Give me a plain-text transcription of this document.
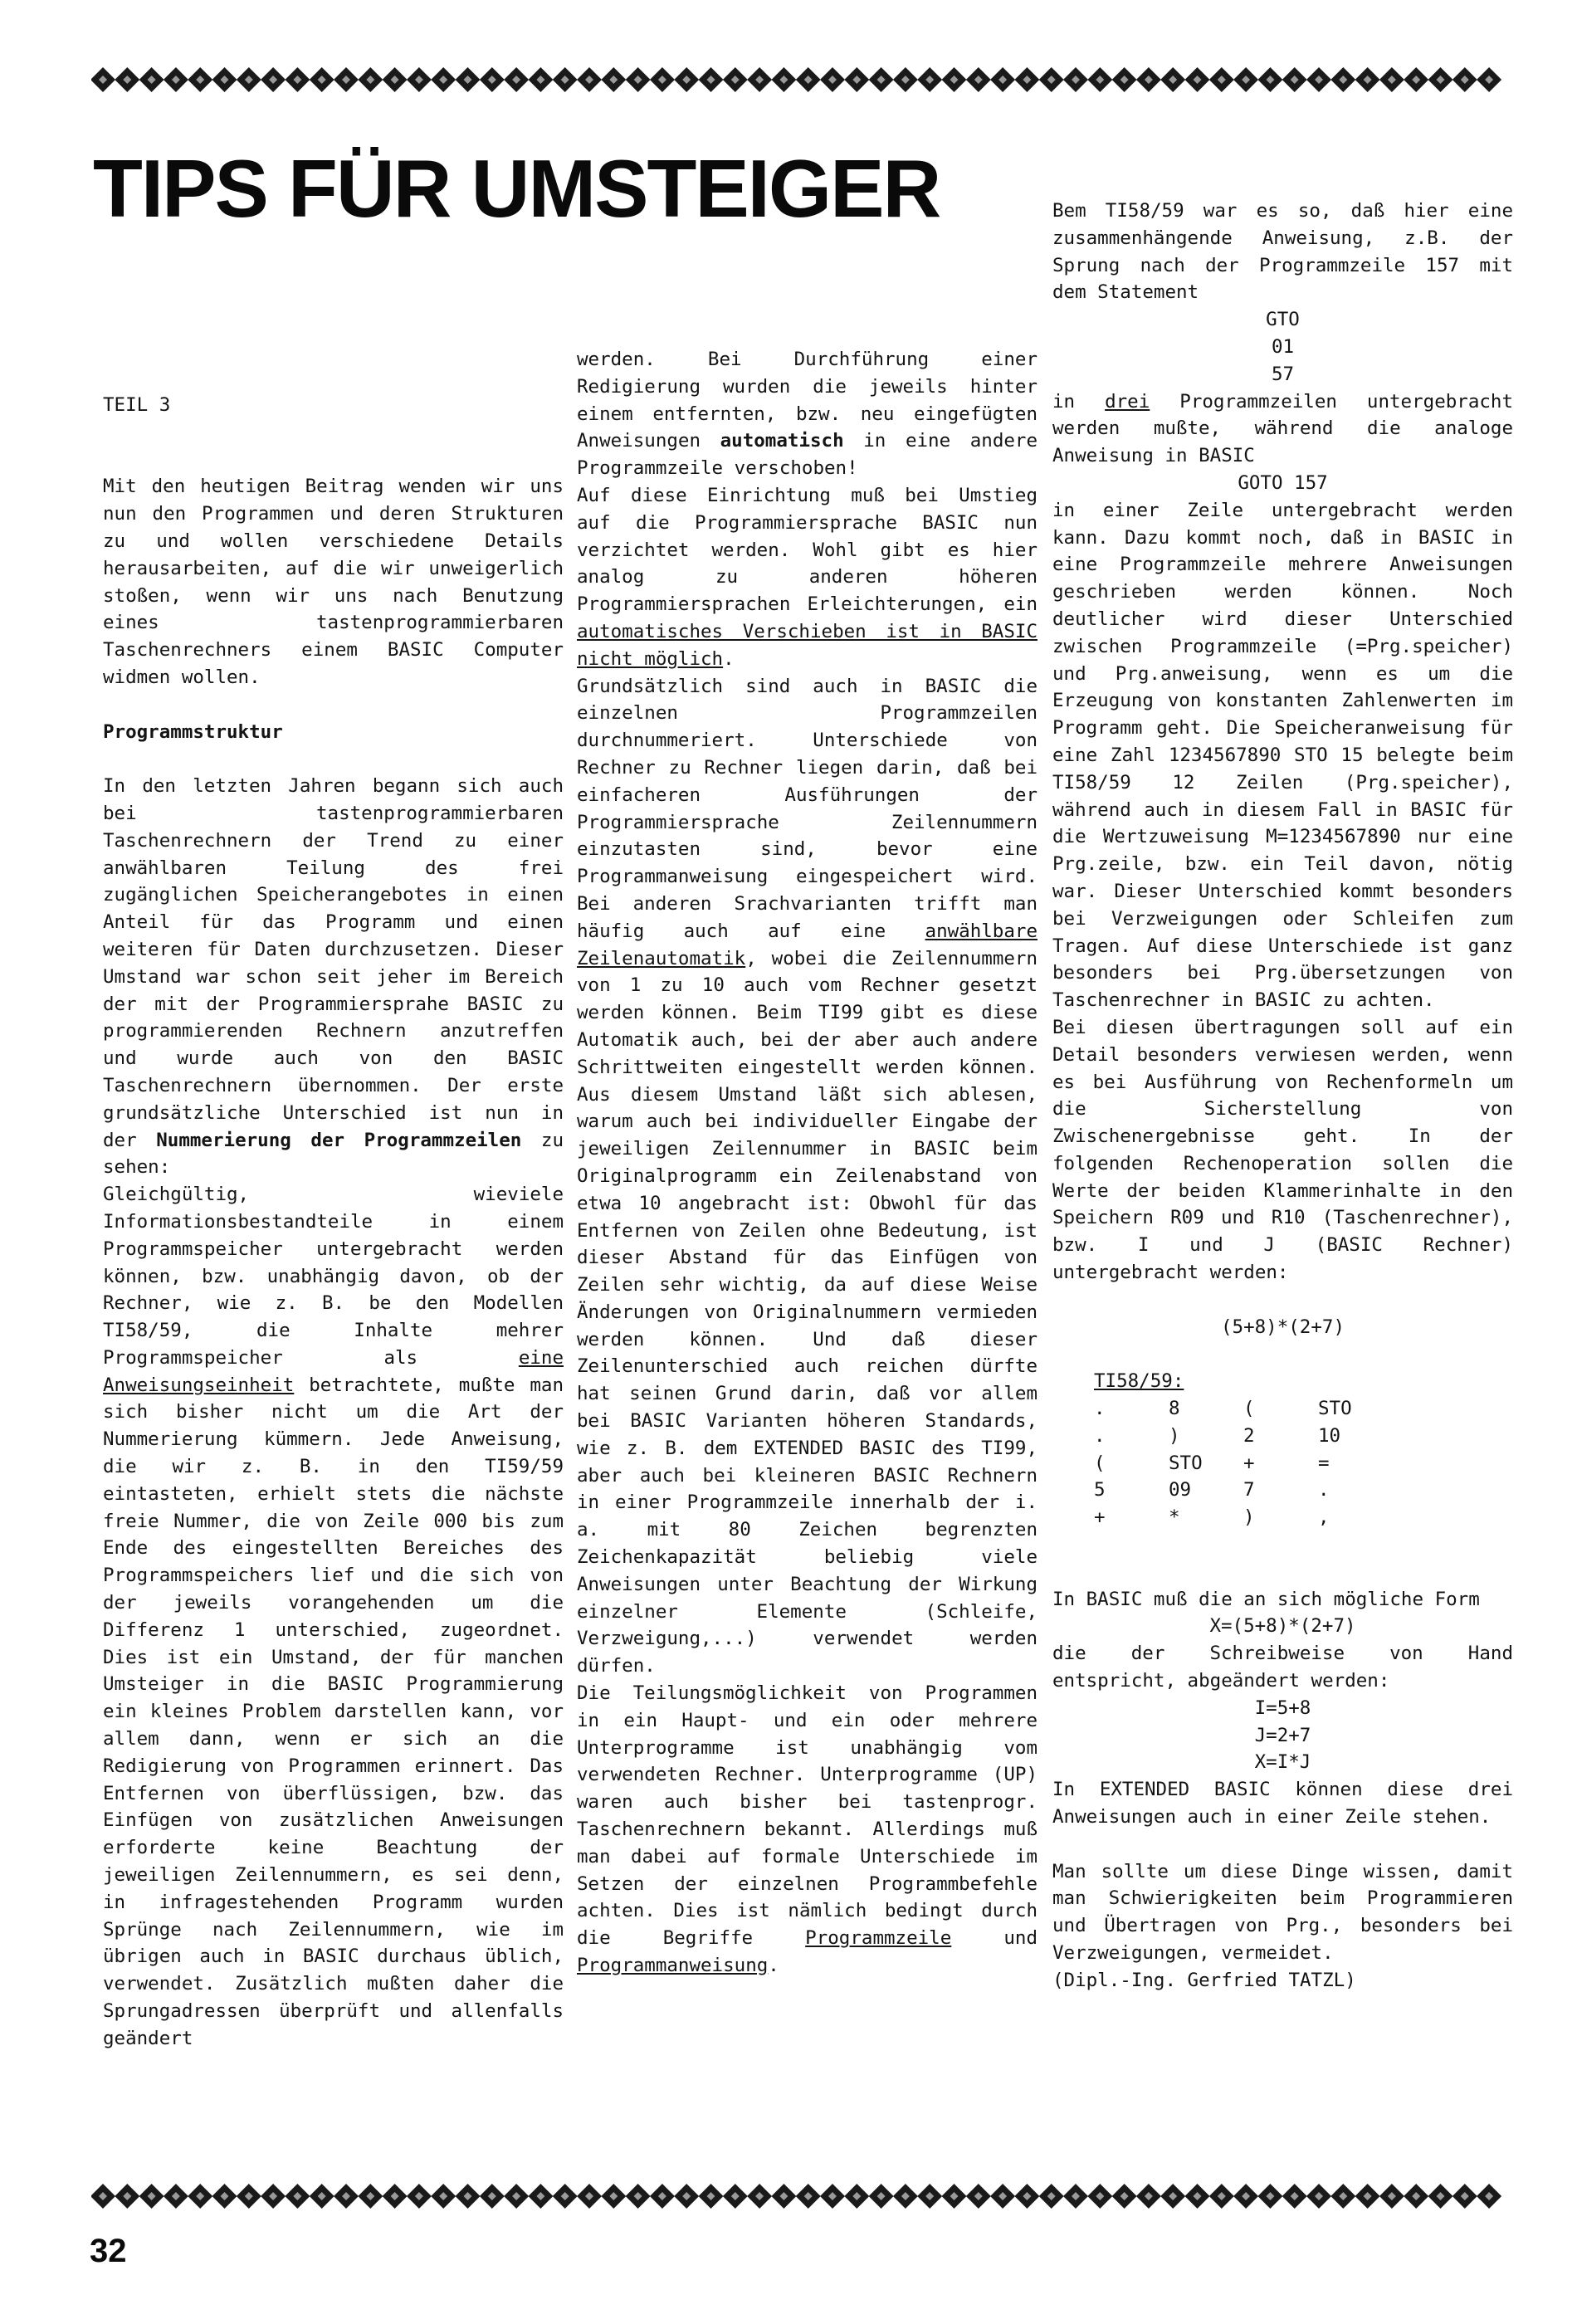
TIPS FÜR UMSTEIGER

TEIL 3

Mit den heutigen Beitrag wenden wir uns nun den Programmen und deren Strukturen zu und wollen verschiedene Details herausarbeiten, auf die wir unweigerlich stoßen, wenn wir uns nach Benutzung eines tastenprogrammierbaren Taschenrechners einem BASIC Computer widmen wollen.

Programmstruktur

In den letzten Jahren begann sich auch bei tastenprogrammierbaren Taschenrechnern der Trend zu einer anwählbaren Teilung des frei zugänglichen Speicherangebotes in einen Anteil für das Programm und einen weiteren für Daten durchzusetzen. Dieser Umstand war schon seit jeher im Bereich der mit der Programmiersprahe BASIC zu programmierenden Rechnern anzutreffen und wurde auch von den BASIC Taschenrechnern übernommen. Der erste grundsätzliche Unterschied ist nun in der Nummerierung der Programmzeilen zu sehen:

Gleichgültig, wieviele Informationsbestandteile in einem Programmspeicher untergebracht werden können, bzw. unabhängig davon, ob der Rechner, wie z. B. be den Modellen TI58/59, die Inhalte mehrer Programmspeicher als	eine Anweisungseinheit betrachtete, mußte man sich bisher nicht um die Art der Nummerierung kümmern. Jede Anweisung, die wir z. B. in den TI59/59 eintasteten, erhielt stets die nächste freie Nummer, die von Zeile 000 bis zum Ende des eingestellten Bereiches des Programmspeichers lief und die sich von der jeweils vorangehenden um die Differenz 1 unterschied, zugeordnet. Dies ist ein Umstand, der für manchen Umsteiger in die BASIC Programmierung ein kleines Problem darstellen kann, vor allem dann, wenn er sich an die Redigierung von Programmen erinnert. Das Entfernen von überflüssigen, bzw. das Einfügen von zusätzlichen Anweisungen erforderte keine Beachtung der jeweiligen Zeilennummern, es sei denn, in infragestehenden Programm wurden Sprünge nach Zeilennummern, wie im übrigen auch in BASIC durchaus üblich, verwendet. Zusätzlich mußten daher die Sprungadressen überprüft und allenfalls geändert

werden. Bei Durchführung einer Redigierung wurden die jeweils hinter einem entfernten, bzw. neu eingefügten Anweisungen automatisch in eine andere Programmzeile verschoben!

Auf diese Einrichtung muß bei Umstieg auf die Programmiersprache BASIC nun verzichtet werden. Wohl gibt es hier analog zu anderen höheren Programmiersprachen Erleichterungen, ein automatisches Verschieben ist in BASIC nicht möglich.

Grundsätzlich sind auch in BASIC die einzelnen Programmzeilen durchnummeriert. Unterschiede von Rechner zu Rechner liegen darin, daß bei einfacheren Ausführungen der Programmiersprache Zeilennummern einzutasten sind, bevor eine Programmanweisung eingespeichert wird. Bei anderen Srachvarianten trifft man häufig auch auf eine anwählbare Zeilenautomatik, wobei die Zeilennummern von 1 zu 10 auch vom Rechner gesetzt werden können. Beim TI99 gibt es diese Automatik auch, bei der aber auch andere Schrittweiten eingestellt werden können. Aus diesem Umstand läßt sich ablesen, warum auch bei individueller Eingabe der jeweiligen Zeilennummer in BASIC beim Originalprogramm ein Zeilenabstand von etwa 10 angebracht ist: Obwohl für das Entfernen von Zeilen ohne Bedeutung, ist dieser Abstand für das Einfügen von Zeilen sehr wichtig, da auf diese Weise Änderungen von Originalnummern vermieden werden können. Und daß dieser Zeilenunterschied auch reichen dürfte hat seinen Grund darin, daß vor allem bei BASIC Varianten höheren Standards, wie z. B. dem EXTENDED BASIC des TI99, aber auch bei kleineren BASIC Rechnern in einer Programmzeile innerhalb der i. a. mit 80 Zeichen begrenzten Zeichenkapazität beliebig viele Anweisungen unter Beachtung der Wirkung einzelner Elemente (Schleife, Verzweigung,...) verwendet werden dürfen.

Die Teilungsmöglichkeit von Programmen in ein Haupt- und ein oder mehrere Unterprogramme ist unabhängig vom verwendeten Rechner. Unterprogramme (UP) waren auch bisher bei tastenprogr. Taschenrechnern bekannt. Allerdings muß man dabei auf formale Unterschiede im Setzen der einzelnen Programmbefehle achten. Dies ist nämlich bedingt durch die Begriffe	Programmzeile	und Programmanweisung.

Bem TI58/59 war es so, daß hier eine zusammenhängende Anweisung, z.B. der Sprung nach der Programmzeile 157 mit dem Statement

GTO

01

57

in drei Programmzeilen untergebracht werden mußte, während die analoge Anweisung in BASIC

GOTO 157

in einer Zeile untergebracht werden kann. Dazu kommt noch, daß in BASIC in eine Programmzeile mehrere Anweisungen geschrieben werden können. Noch deutlicher wird dieser Unterschied zwischen Programmzeile (=Prg.speicher) und Prg.anweisung, wenn es um die Erzeugung von konstanten Zahlenwerten im Programm geht. Die Speicheranweisung für eine Zahl 1234567890 STO 15 belegte beim TI58/59 12 Zeilen (Prg.speicher), während auch in diesem Fall in BASIC für die Wertzuweisung M=1234567890 nur eine Prg.zeile, bzw. ein Teil davon, nötig war. Dieser Unterschied kommt besonders bei Verzweigungen oder Schleifen zum Tragen. Auf diese Unterschiede ist ganz besonders bei Prg.übersetzungen von Taschenrechner in BASIC zu achten.

Bei diesen übertragungen soll auf ein Detail besonders verwiesen werden, wenn es bei Ausführung von Rechenformeln um die Sicherstellung von Zwischenergebnisse geht. In der folgenden Rechenoperation sollen die Werte der beiden Klammerinhalte in den Speichern R09 und R10 (Taschenrechner), bzw. I und J (BASIC Rechner) untergebracht werden:

(5+8)*(2+7)

TI58/59:

.	8	(	STO
.	)	2	10
(	STO	+	=
5	09	7	.
+	*	)	,

In BASIC muß die an sich mögliche Form

X=(5+8)*(2+7)

die der Schreibweise von Hand entspricht, abgeändert werden:

I=5+8

J=2+7

X=I*J

In EXTENDED BASIC können diese drei Anweisungen auch in einer Zeile stehen.

Man sollte um diese Dinge wissen, damit man Schwierigkeiten beim Programmieren und Übertragen von Prg., besonders bei Verzweigungen, vermeidet.

(Dipl.-Ing. Gerfried TATZL)

32
